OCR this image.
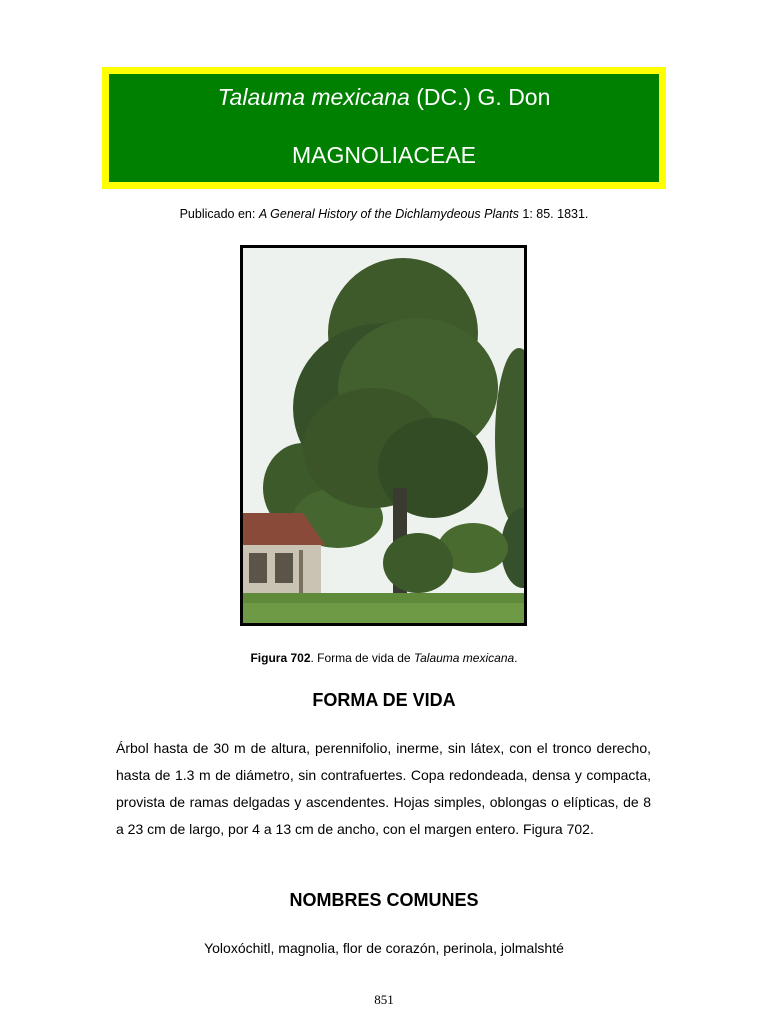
Talauma mexicana (DC.) G. Don
MAGNOLIACEAE
Publicado en: A General History of the Dichlamydeous Plants 1: 85. 1831.
Figura 702. Forma de vida de Talauma mexicana.
FORMA DE VIDA

Árbol hasta de 30 m de altura, perennifolio, inerme, sin látex, con el tronco derecho, hasta de 1.3 m de diámetro, sin contrafuertes. Copa redondeada, densa y compacta, provista de ramas delgadas y ascendentes. Hojas simples, oblongas o elípticas, de 8 a 23 cm de largo, por 4 a 13 cm de ancho, con el margen entero. Figura 702.

NOMBRES COMUNES
Yoloxóchitl, magnolia, flor de corazón, perinola, jolmalshté
851
